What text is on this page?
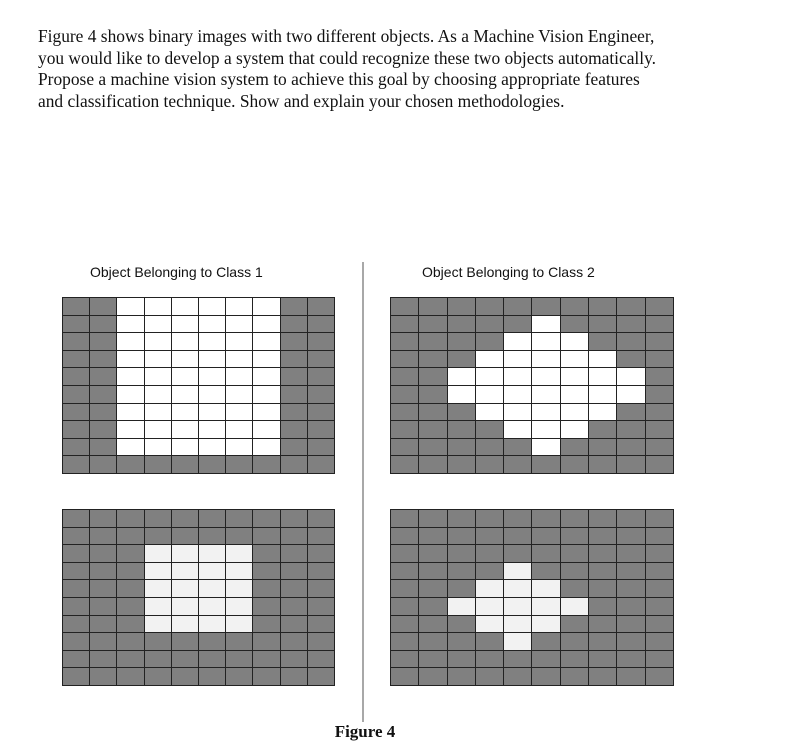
Figure 4 shows binary images with two different objects. As a Machine Vision Engineer,
you would like to develop a system that could recognize these two objects automatically.
Propose a machine vision system to achieve this goal by choosing appropriate features
and classification technique. Show and explain your chosen methodologies.
Object Belonging to Class 1	Object Belonging to Class 2
Figure 4
